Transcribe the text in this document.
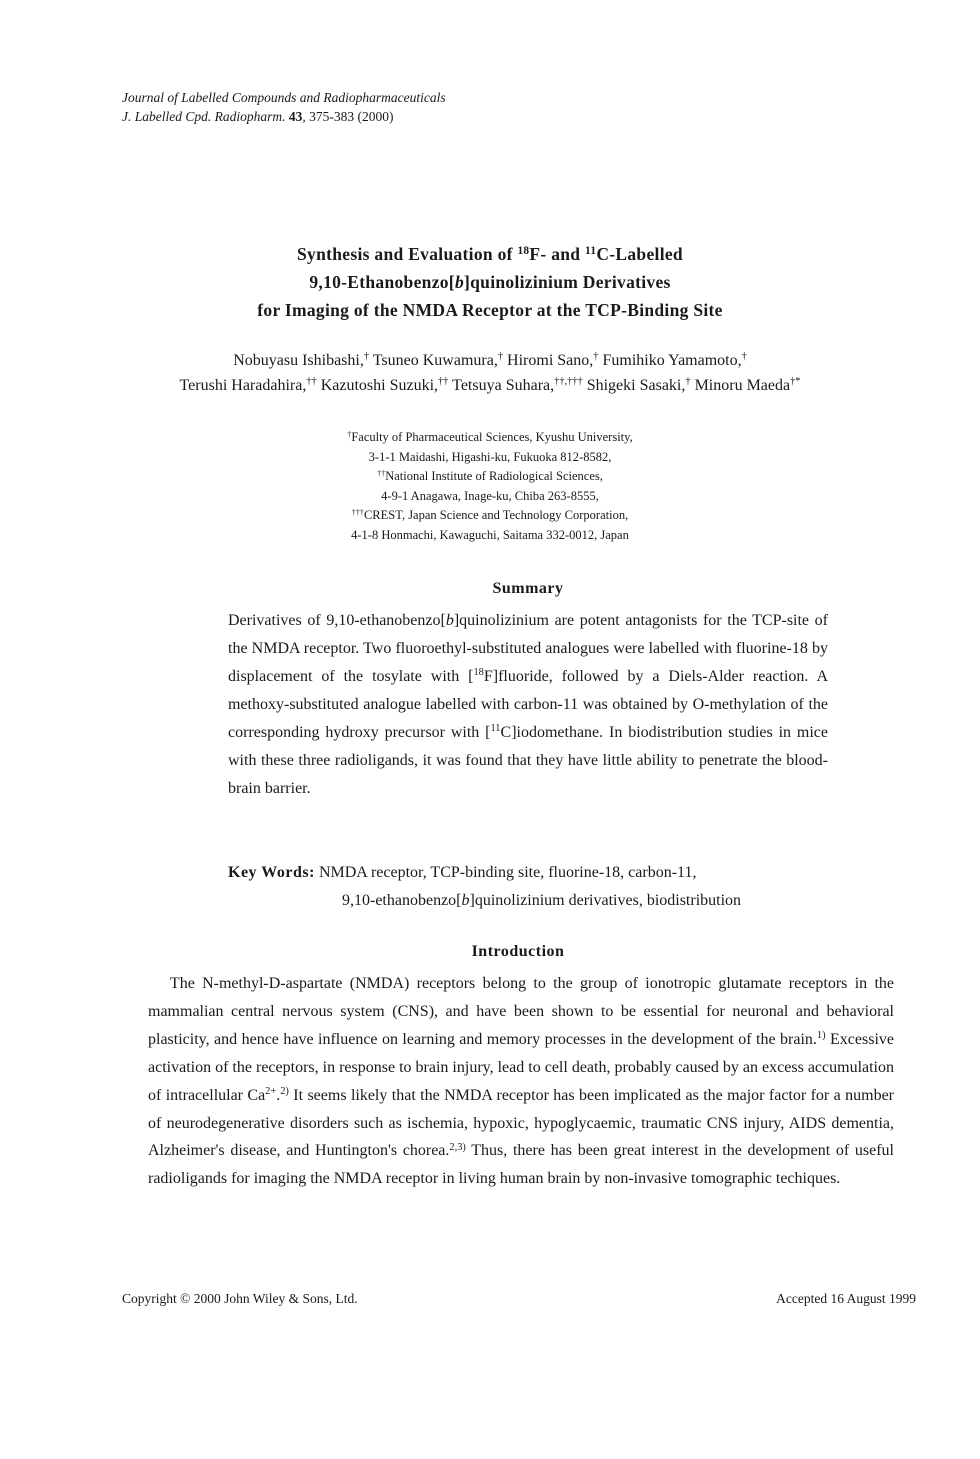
Journal of Labelled Compounds and Radiopharmaceuticals
J. Labelled Cpd. Radiopharm. 43, 375-383 (2000)
Synthesis and Evaluation of $^{18}$F- and $^{11}$C-Labelled
9,10-Ethanobenzo[b]quinolizinium Derivatives
for Imaging of the NMDA Receptor at the TCP-Binding Site
Nobuyasu Ishibashi,† Tsuneo Kuwamura,† Hiromi Sano,† Fumihiko Yamamoto,†
Terushi Haradahira,†† Kazutoshi Suzuki,†† Tetsuya Suhara,††,††† Shigeki Sasaki,† Minoru Maeda†*
†Faculty of Pharmaceutical Sciences, Kyushu University,
3-1-1 Maidashi, Higashi-ku, Fukuoka 812-8582,
††National Institute of Radiological Sciences,
4-9-1 Anagawa, Inage-ku, Chiba 263-8555,
†††CREST, Japan Science and Technology Corporation,
4-1-8 Honmachi, Kawaguchi, Saitama 332-0012, Japan
Summary
Derivatives of 9,10-ethanobenzo[b]quinolizinium are potent antagonists for the TCP-site of the NMDA receptor. Two fluoroethyl-substituted analogues were labelled with fluorine-18 by displacement of the tosylate with [$^{18}$F]fluoride, followed by a Diels-Alder reaction. A methoxy-substituted analogue labelled with carbon-11 was obtained by O-methylation of the corresponding hydroxy precursor with [$^{11}$C]iodomethane. In biodistribution studies in mice with these three radioligands, it was found that they have little ability to penetrate the blood-brain barrier.
Key Words: NMDA receptor, TCP-binding site, fluorine-18, carbon-11,
9,10-ethanobenzo[b]quinolizinium derivatives, biodistribution
Introduction
The N-methyl-D-aspartate (NMDA) receptors belong to the group of ionotropic glutamate receptors in the mammalian central nervous system (CNS), and have been shown to be essential for neuronal and behavioral plasticity, and hence have influence on learning and memory processes in the development of the brain.$^{1)}$ Excessive activation of the receptors, in response to brain injury, lead to cell death, probably caused by an excess accumulation of intracellular $Ca^{2+}.^{2)}$ It seems likely that the NMDA receptor has been implicated as the major factor for a number of neurodegenerative disorders such as ischemia, hypoxic, hypoglycaemic, traumatic CNS injury, AIDS dementia, Alzheimer's disease, and Huntington's chorea.$^{2,3)}$ Thus, there has been great interest in the development of useful radioligands for imaging the NMDA receptor in living human brain by non-invasive tomographic techiques.
Copyright © 2000 John Wiley & Sons, Ltd.	Accepted 16 August 1999
